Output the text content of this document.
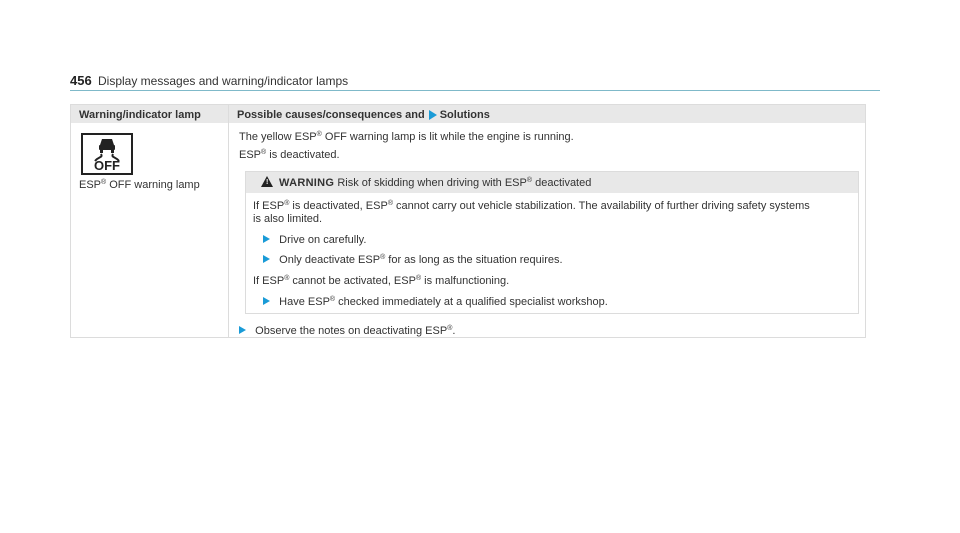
456 Display messages and warning/indicator lamps
Warning/indicator lamp	Possible causes/consequences and Solutions
OFF
ESP® OFF warning lamp
The yellow ESP® OFF warning lamp is lit while the engine is running.
ESP® is deactivated.
! WARNING Risk of skidding when driving with ESP® deactivated
If ESP® is deactivated, ESP® cannot carry out vehicle stabilization. The availability of further driving safety systems
is also limited.
Drive on carefully.
Only deactivate ESP® for as long as the situation requires.
If ESP® cannot be activated, ESP® is malfunctioning.
Have ESP® checked immediately at a qualified specialist workshop.
Observe the notes on deactivating ESP®.
